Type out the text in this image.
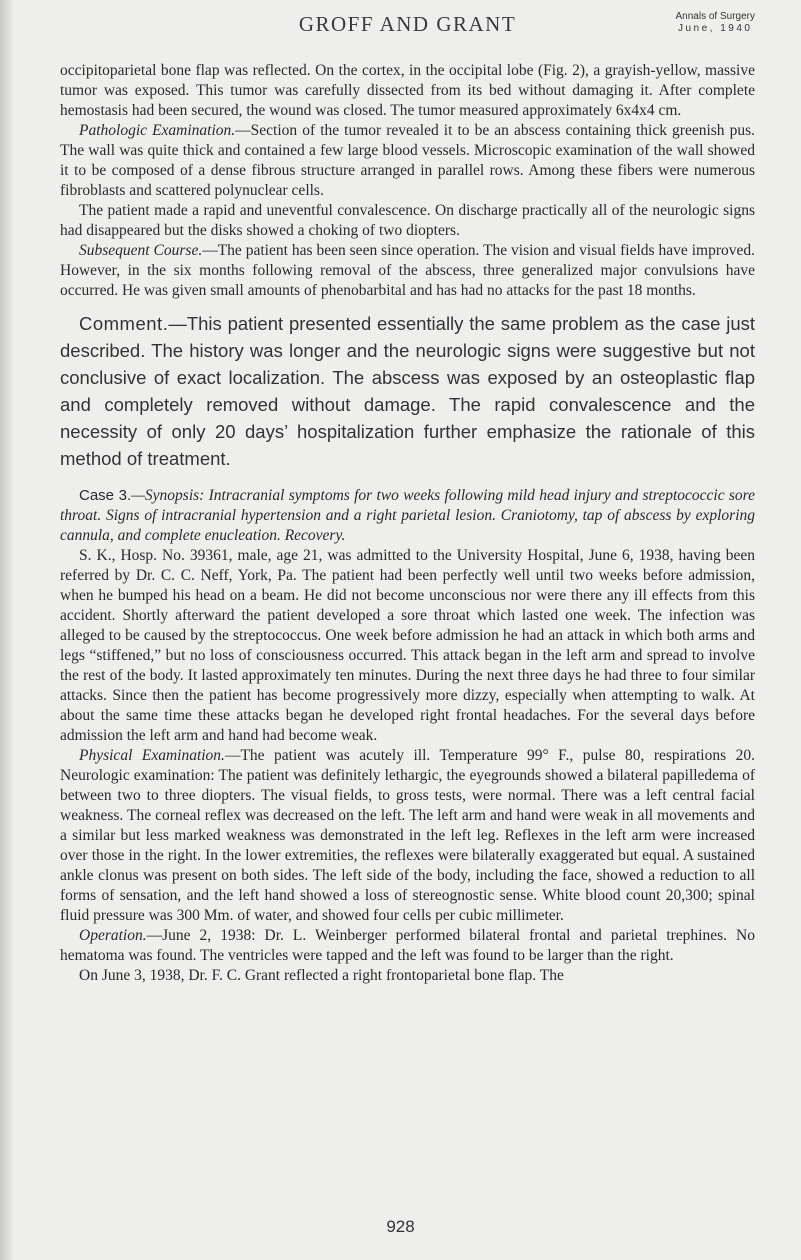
GROFF AND GRANT	Annals of Surgery
June, 1940

occipitoparietal bone flap was reflected. On the cortex, in the occipital lobe (Fig. 2), a grayish-yellow, massive tumor was exposed. This tumor was carefully dissected from its bed without damaging it. After complete hemostasis had been secured, the wound was closed. The tumor measured approximately 6x4x4 cm.

Pathologic Examination.—Section of the tumor revealed it to be an abscess containing thick greenish pus. The wall was quite thick and contained a few large blood vessels. Microscopic examination of the wall showed it to be composed of a dense fibrous structure arranged in parallel rows. Among these fibers were numerous fibroblasts and scattered polynuclear cells.

The patient made a rapid and uneventful convalescence. On discharge practically all of the neurologic signs had disappeared but the disks showed a choking of two diopters.

Subsequent Course.—The patient has been seen since operation. The vision and visual fields have improved. However, in the six months following removal of the abscess, three generalized major convulsions have occurred. He was given small amounts of phenobarbital and has had no attacks for the past 18 months.

Comment.—This patient presented essentially the same problem as the case just described. The history was longer and the neurologic signs were suggestive but not conclusive of exact localization. The abscess was exposed by an osteoplastic flap and completely removed without damage. The rapid convalescence and the necessity of only 20 days’ hospitalization further emphasize the rationale of this method of treatment.

Case 3.—Synopsis: Intracranial symptoms for two weeks following mild head injury and streptococcic sore throat. Signs of intracranial hypertension and a right parietal lesion. Craniotomy, tap of abscess by exploring cannula, and complete enucleation. Recovery.

S. K., Hosp. No. 39361, male, age 21, was admitted to the University Hospital, June 6, 1938, having been referred by Dr. C. C. Neff, York, Pa. The patient had been perfectly well until two weeks before admission, when he bumped his head on a beam. He did not become unconscious nor were there any ill effects from this accident. Shortly afterward the patient developed a sore throat which lasted one week. The infection was alleged to be caused by the streptococcus. One week before admission he had an attack in which both arms and legs “stiffened,” but no loss of consciousness occurred. This attack began in the left arm and spread to involve the rest of the body. It lasted approximately ten minutes. During the next three days he had three to four similar attacks. Since then the patient has become progressively more dizzy, especially when attempting to walk. At about the same time these attacks began he developed right frontal headaches. For the several days before admission the left arm and hand had become weak.

Physical Examination.—The patient was acutely ill. Temperature 99° F., pulse 80, respirations 20. Neurologic examination: The patient was definitely lethargic, the eyegrounds showed a bilateral papilledema of between two to three diopters. The visual fields, to gross tests, were normal. There was a left central facial weakness. The corneal reflex was decreased on the left. The left arm and hand were weak in all movements and a similar but less marked weakness was demonstrated in the left leg. Reflexes in the left arm were increased over those in the right. In the lower extremities, the reflexes were bilaterally exaggerated but equal. A sustained ankle clonus was present on both sides. The left side of the body, including the face, showed a reduction to all forms of sensation, and the left hand showed a loss of stereognostic sense. White blood count 20,300; spinal fluid pressure was 300 Mm. of water, and showed four cells per cubic millimeter.

Operation.—June 2, 1938: Dr. L. Weinberger performed bilateral frontal and parietal trephines. No hematoma was found. The ventricles were tapped and the left was found to be larger than the right.

On June 3, 1938, Dr. F. C. Grant reflected a right frontoparietal bone flap. The

928
